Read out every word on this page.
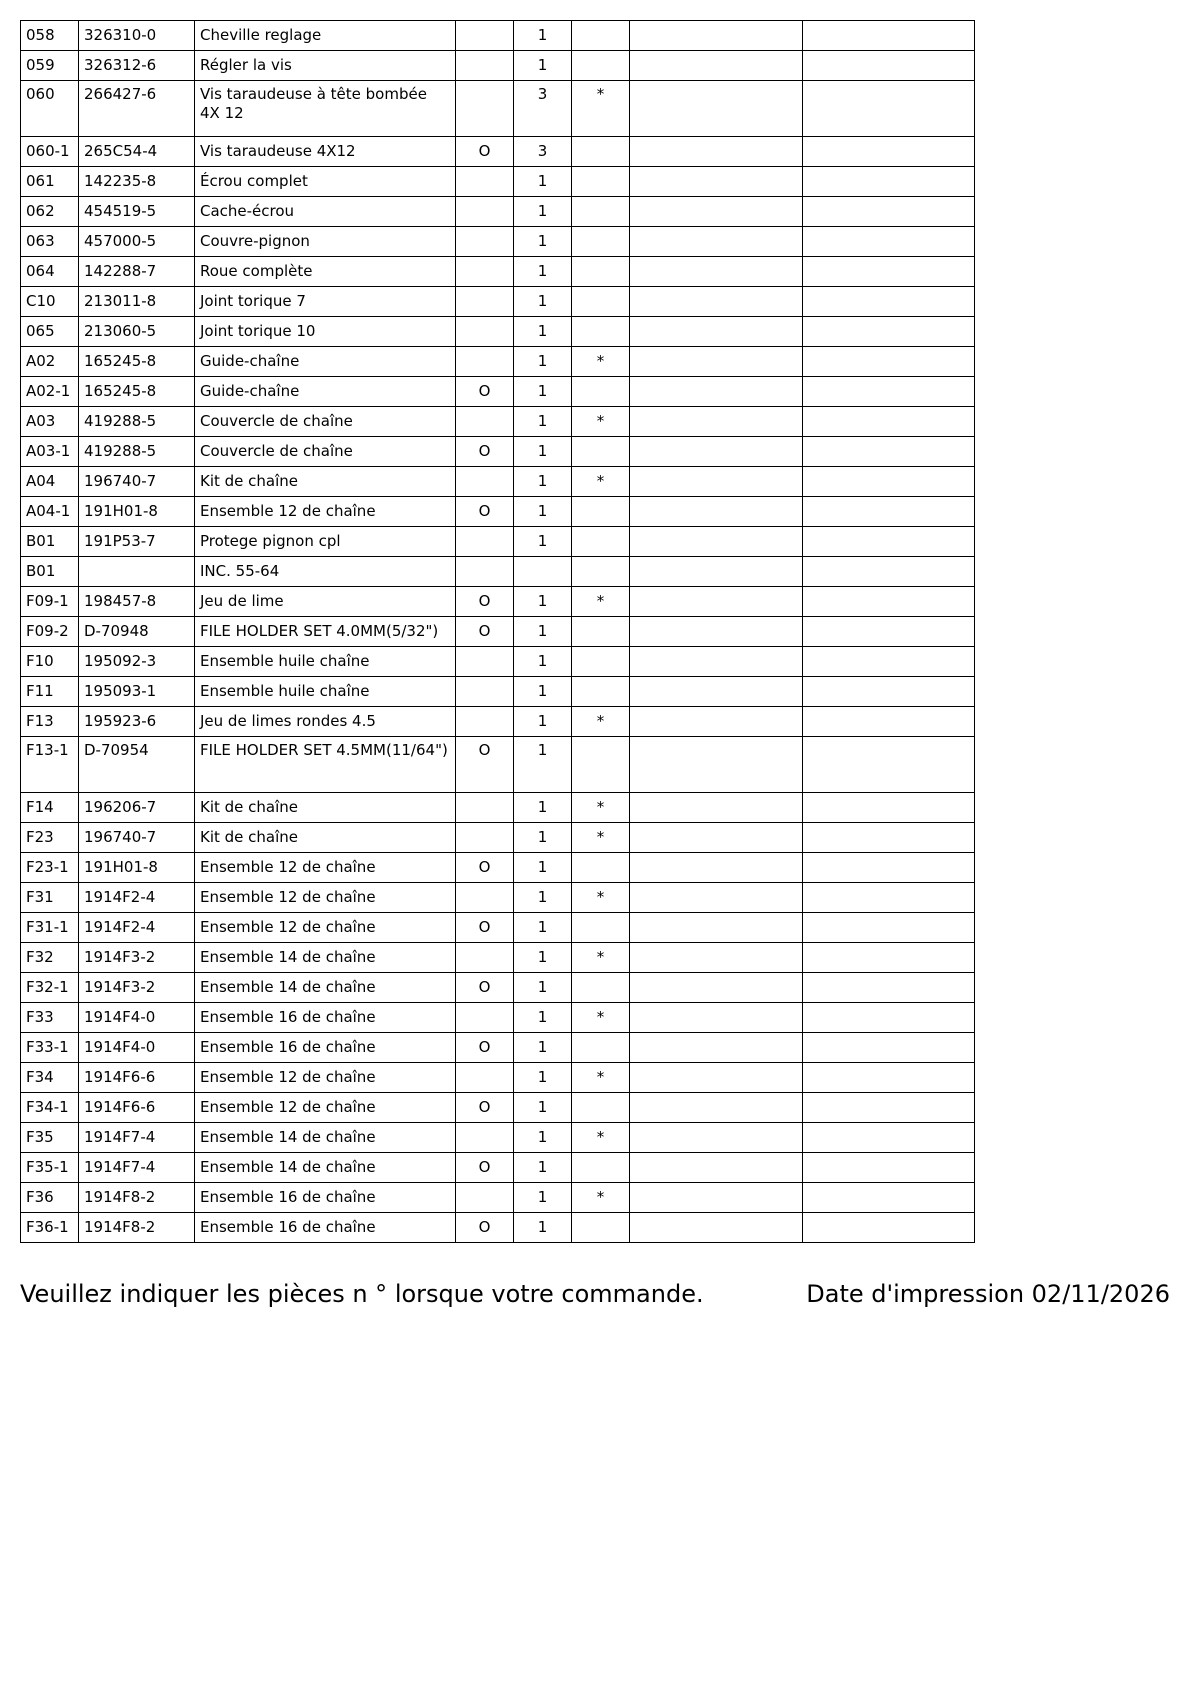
058	326310-0	Cheville reglage		1			
059	326312-6	Régler la vis		1			
060	266427-6	Vis taraudeuse à tête bombée 4X 12		3	*		
060-1	265C54-4	Vis taraudeuse 4X12	O	3			
061	142235-8	Écrou complet		1			
062	454519-5	Cache-écrou		1			
063	457000-5	Couvre-pignon		1			
064	142288-7	Roue complète		1			
C10	213011-8	Joint torique 7		1			
065	213060-5	Joint torique 10		1			
A02	165245-8	Guide-chaîne		1	*		
A02-1	165245-8	Guide-chaîne	O	1			
A03	419288-5	Couvercle de chaîne		1	*		
A03-1	419288-5	Couvercle de chaîne	O	1			
A04	196740-7	Kit de chaîne		1	*		
A04-1	191H01-8	Ensemble 12 de chaîne	O	1			
B01	191P53-7	Protege pignon cpl		1			
B01		INC. 55-64					
F09-1	198457-8	Jeu de lime	O	1	*		
F09-2	D-70948	FILE HOLDER SET 4.0MM(5/32")	O	1			
F10	195092-3	Ensemble huile chaîne		1			
F11	195093-1	Ensemble huile chaîne		1			
F13	195923-6	Jeu de limes rondes 4.5		1	*		
F13-1	D-70954	FILE HOLDER SET 4.5MM(11/64")	O	1			
F14	196206-7	Kit de chaîne		1	*		
F23	196740-7	Kit de chaîne		1	*		
F23-1	191H01-8	Ensemble 12 de chaîne	O	1			
F31	1914F2-4	Ensemble 12 de chaîne		1	*		
F31-1	1914F2-4	Ensemble 12 de chaîne	O	1			
F32	1914F3-2	Ensemble 14 de chaîne		1	*		
F32-1	1914F3-2	Ensemble 14 de chaîne	O	1			
F33	1914F4-0	Ensemble 16 de chaîne		1	*		
F33-1	1914F4-0	Ensemble 16 de chaîne	O	1			
F34	1914F6-6	Ensemble 12 de chaîne		1	*		
F34-1	1914F6-6	Ensemble 12 de chaîne	O	1			
F35	1914F7-4	Ensemble 14 de chaîne		1	*		
F35-1	1914F7-4	Ensemble 14 de chaîne	O	1			
F36	1914F8-2	Ensemble 16 de chaîne		1	*		
F36-1	1914F8-2	Ensemble 16 de chaîne	O	1			
Veuillez indiquer les pièces n ° lorsque votre commande.	Date d'impression 02/11/2026
